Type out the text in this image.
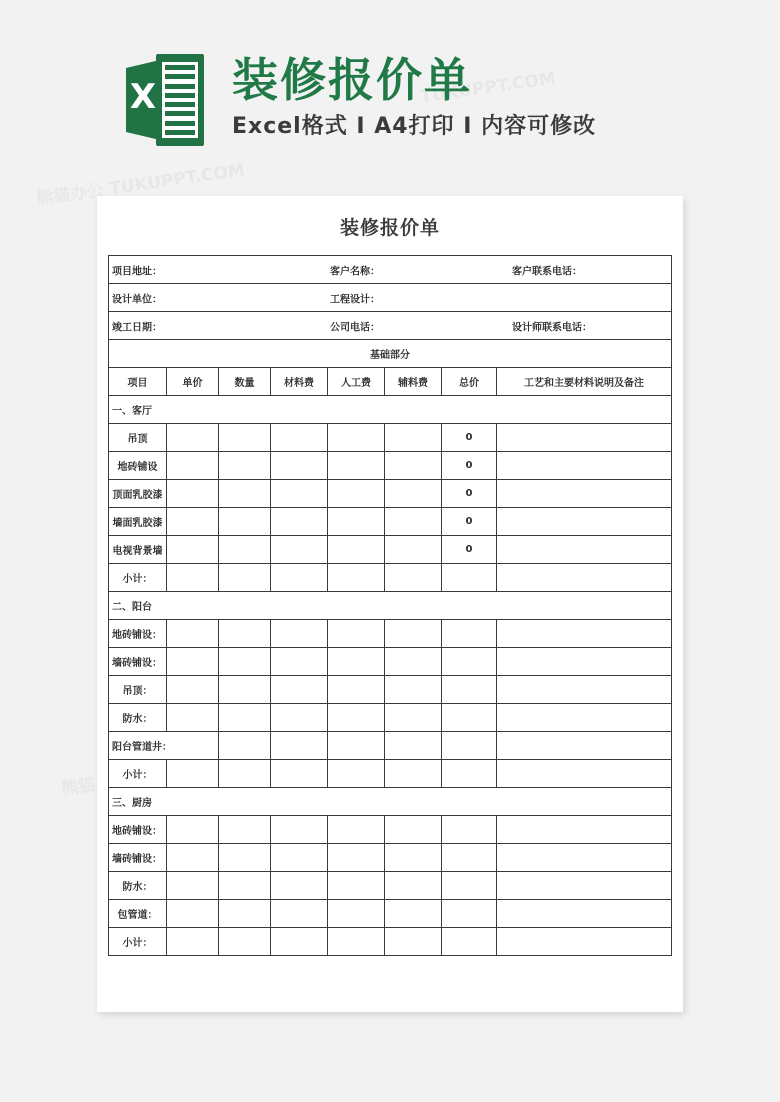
X 装修报价单
Excel格式 Ⅰ A4打印 Ⅰ 内容可修改
装修报价单
项目地址： 客户名称： 客户联系电话：							

设计单位： 工程设计：							

竣工日期： 公司电话： 设计师联系电话：							

基础部分							
项目	单价	数量	材料费	人工费	辅料费	总价	工艺和主要材料说明及备注
一、客厅							
吊顶						0	
地砖铺设						0	
顶面乳胶漆						0	
墙面乳胶漆						0	
电视背景墙						0	
小计：							
二、阳台							
地砖铺设：							
墙砖铺设：							
吊顶：							
防水：							
阳台管道井：							
小计：							
三、厨房							
地砖铺设：							
墙砖铺设：							
防水：							
包管道：							
小计：							
